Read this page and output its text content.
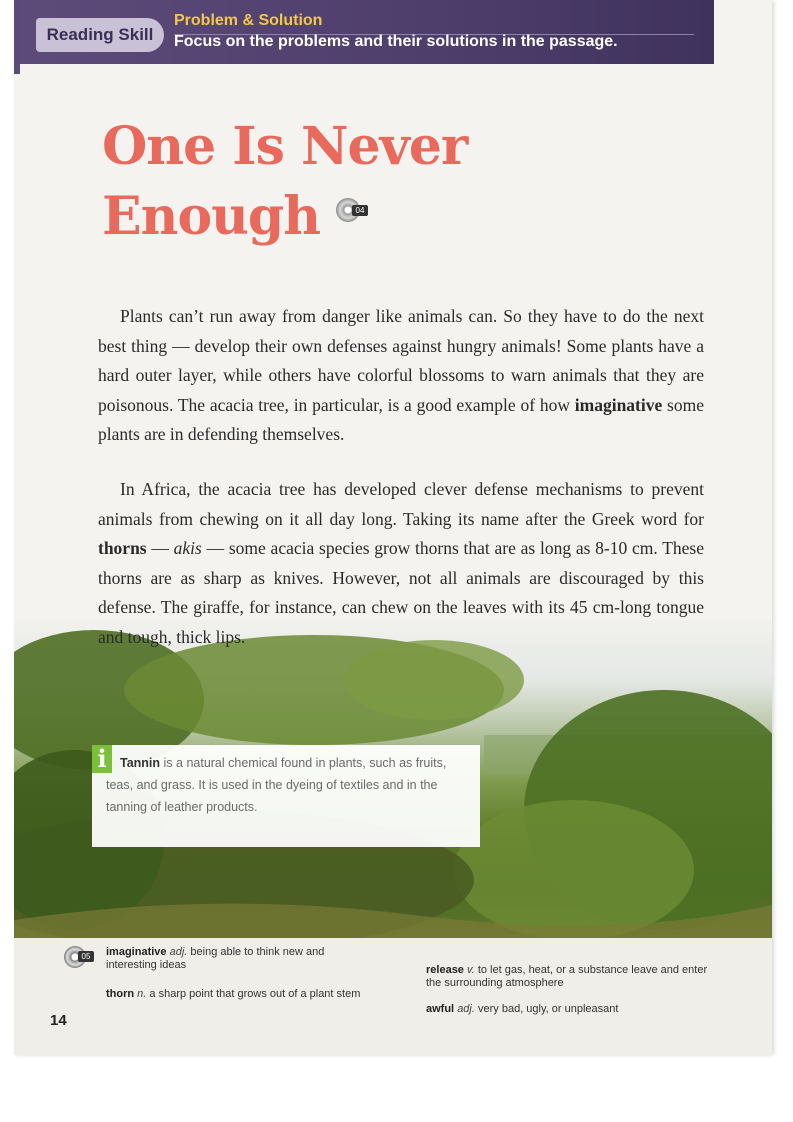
Reading Skill
Problem & Solution
Focus on the problems and their solutions in the passage.
One Is Never
Enough	04

Plants can’t run away from danger like animals can. So they have to do the next best thing — develop their own defenses against hungry animals! Some plants have a hard outer layer, while others have colorful blossoms to warn animals that they are poisonous. The acacia tree, in particular, is a good example of how imaginative some plants are in defending themselves.

In Africa, the acacia tree has developed clever defense mechanisms to prevent animals from chewing on it all day long. Taking its name after the Greek word for thorns — akis — some acacia species grow thorns that are as long as 8-10 cm. These thorns are as sharp as knives. However, not all animals are discouraged by this defense. The giraffe, for instance, can chew on the leaves with its 45 cm-long tongue and tough, thick lips.

i	Tannin is a natural chemical found in plants, such as fruits, teas, and grass. It is used in the dyeing of textiles and in the tanning of leather products.

05	imaginative adj. being able to think new and interesting ideas

thorn n. a sharp point that grows out of a plant stem

release v. to let gas, heat, or a substance leave and enter the surrounding atmosphere

awful adj. very bad, ugly, or unpleasant

14
